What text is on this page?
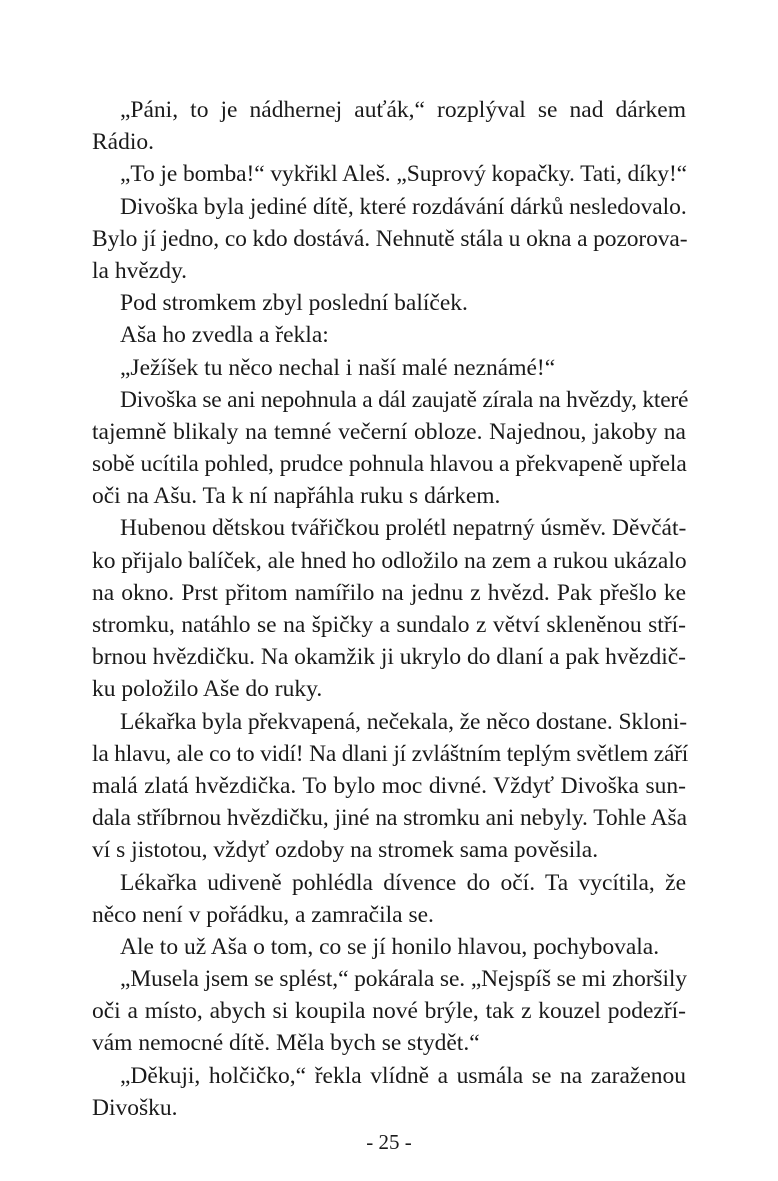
„Páni, to je nádhernej auťák,“ rozplýval se nad dárkem
Rádio.
„To je bomba!“ vykřikl Aleš. „Suprový kopačky. Tati, díky!“
Divoška byla jediné dítě, které rozdávání dárků nesledovalo.
Bylo jí jedno, co kdo dostává. Nehnutě stála u okna a pozorova-
la hvězdy.
Pod stromkem zbyl poslední balíček.
Aša ho zvedla a řekla:
„Ježíšek tu něco nechal i naší malé neznámé!“
Divoška se ani nepohnula a dál zaujatě zírala na hvězdy, které
tajemně blikaly na temné večerní obloze. Najednou, jakoby na
sobě ucítila pohled, prudce pohnula hlavou a překvapeně upřela
oči na Ašu. Ta k ní napřáhla ruku s dárkem.
Hubenou dětskou tvářičkou prolétl nepatrný úsměv. Děvčát-
ko přijalo balíček, ale hned ho odložilo na zem a rukou ukázalo
na okno. Prst přitom namířilo na jednu z hvězd. Pak přešlo ke
stromku, natáhlo se na špičky a sundalo z větví skleněnou stří-
brnou hvězdičku. Na okamžik ji ukrylo do dlaní a pak hvězdič-
ku položilo Aše do ruky.
Lékařka byla překvapená, nečekala, že něco dostane. Skloni-
la hlavu, ale co to vidí! Na dlani jí zvláštním teplým světlem září
malá zlatá hvězdička. To bylo moc divné. Vždyť Divoška sun-
dala stříbrnou hvězdičku, jiné na stromku ani nebyly. Tohle Aša
ví s jistotou, vždyť ozdoby na stromek sama pověsila.
Lékařka udiveně pohlédla dívence do očí. Ta vycítila, že
něco není v pořádku, a zamračila se.
Ale to už Aša o tom, co se jí honilo hlavou, pochybovala.
„Musela jsem se splést,“ pokárala se. „Nejspíš se mi zhoršily
oči a místo, abych si koupila nové brýle, tak z kouzel podezří-
vám nemocné dítě. Měla bych se stydět.“
„Děkuji, holčičko,“ řekla vlídně a usmála se na zaraženou
Divošku.
- 25 -
